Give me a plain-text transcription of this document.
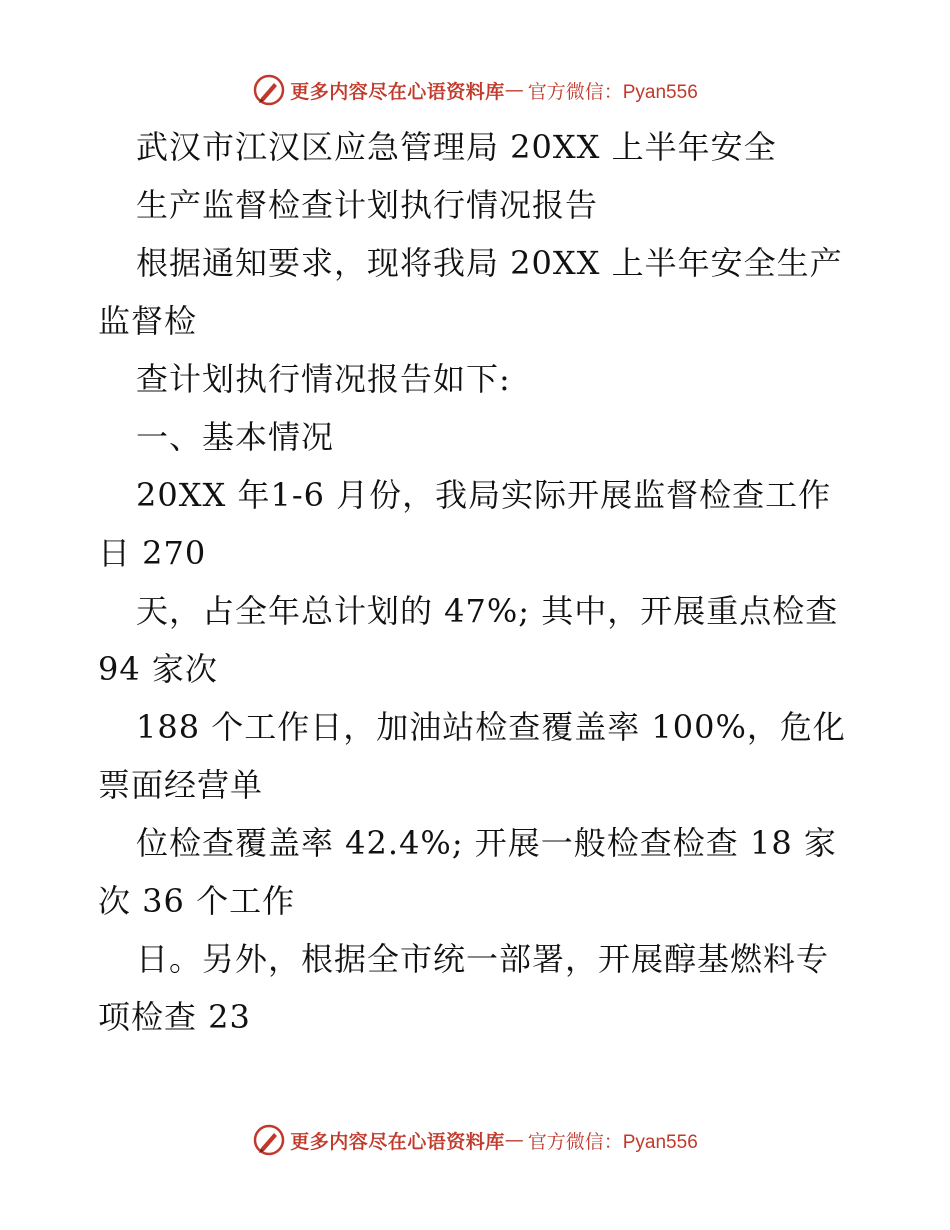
更多内容尽在心语资料库 — 官方微信：Pyan556
武汉市江汉区应急管理局 20XX 上半年安全
生产监督检查计划执行情况报告
根据通知要求，现将我局 20XX 上半年安全生产
监督检
查计划执行情况报告如下:
一、基本情况
20XX 年1-6 月份，我局实际开展监督检查工作
日 270
天，占全年总计划的 47%; 其中，开展重点检查
94 家次
188 个工作日，加油站检查覆盖率 100%，危化
票面经营单
位检查覆盖率 42.4%; 开展一般检查检查 18 家
次 36 个工作
日。另外，根据全市统一部署，开展醇基燃料专
项检查 23
更多内容尽在心语资料库 — 官方微信：Pyan556
